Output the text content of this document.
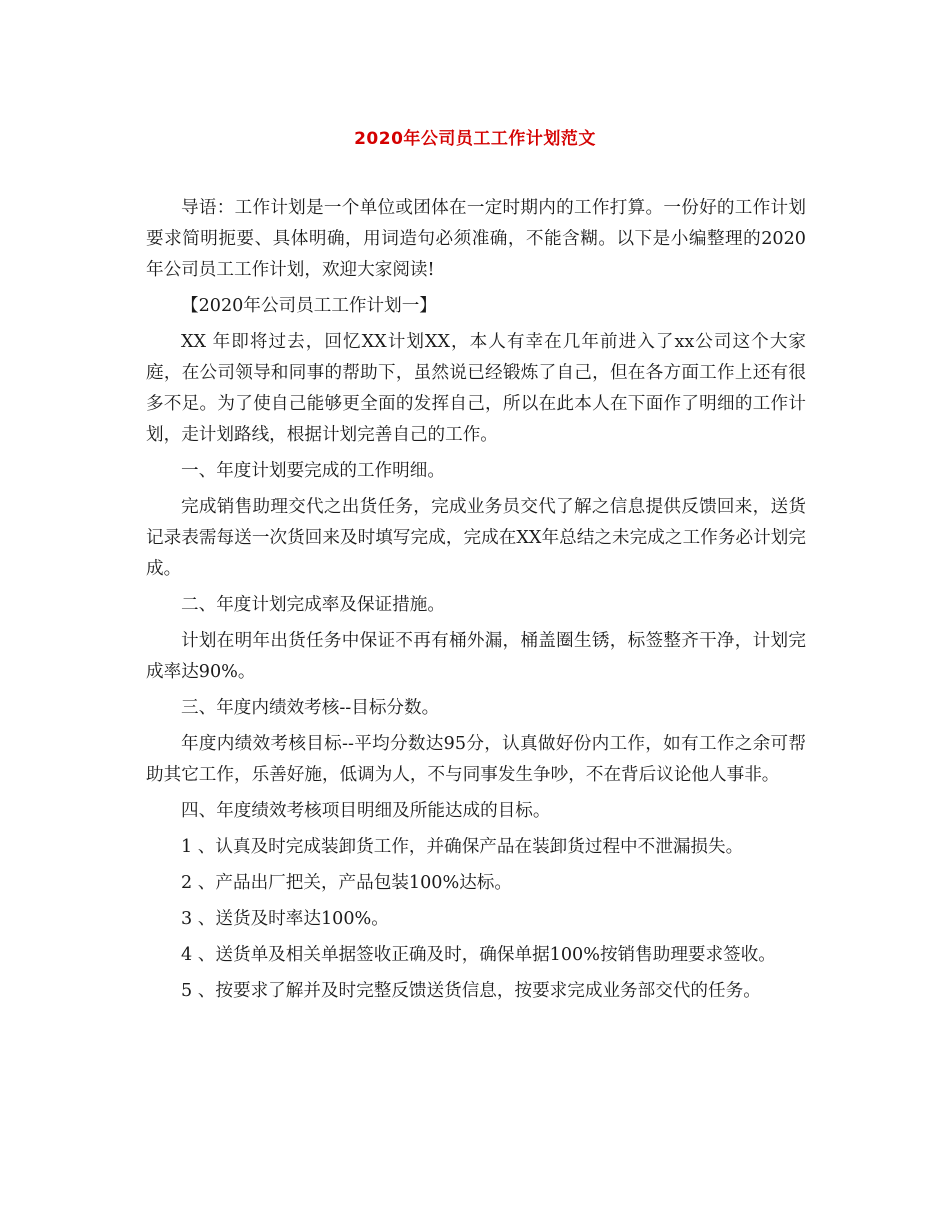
2020年公司员工工作计划范文

导语：工作计划是一个单位或团体在一定时期内的工作打算。一份好的工作计划要求简明扼要、具体明确，用词造句必须准确，不能含糊。以下是小编整理的2020年公司员工工作计划，欢迎大家阅读!

【2020年公司员工工作计划一】

XX 年即将过去，回忆XX计划XX，本人有幸在几年前进入了xx公司这个大家庭，在公司领导和同事的帮助下，虽然说已经锻炼了自己，但在各方面工作上还有很多不足。为了使自己能够更全面的发挥自己，所以在此本人在下面作了明细的工作计划，走计划路线，根据计划完善自己的工作。

一、年度计划要完成的工作明细。

完成销售助理交代之出货任务，完成业务员交代了解之信息提供反馈回来，送货记录表需每送一次货回来及时填写完成，完成在XX年总结之未完成之工作务必计划完成。

二、年度计划完成率及保证措施。

计划在明年出货任务中保证不再有桶外漏，桶盖圈生锈，标签整齐干净，计划完成率达90%。

三、年度内绩效考核--目标分数。

年度内绩效考核目标--平均分数达95分，认真做好份内工作，如有工作之余可帮助其它工作，乐善好施，低调为人，不与同事发生争吵，不在背后议论他人事非。

四、年度绩效考核项目明细及所能达成的目标。

1 、认真及时完成装卸货工作，并确保产品在装卸货过程中不泄漏损失。

2 、产品出厂把关，产品包装100%达标。

3 、送货及时率达100%。

4 、送货单及相关单据签收正确及时，确保单据100%按销售助理要求签收。

5 、按要求了解并及时完整反馈送货信息，按要求完成业务部交代的任务。
